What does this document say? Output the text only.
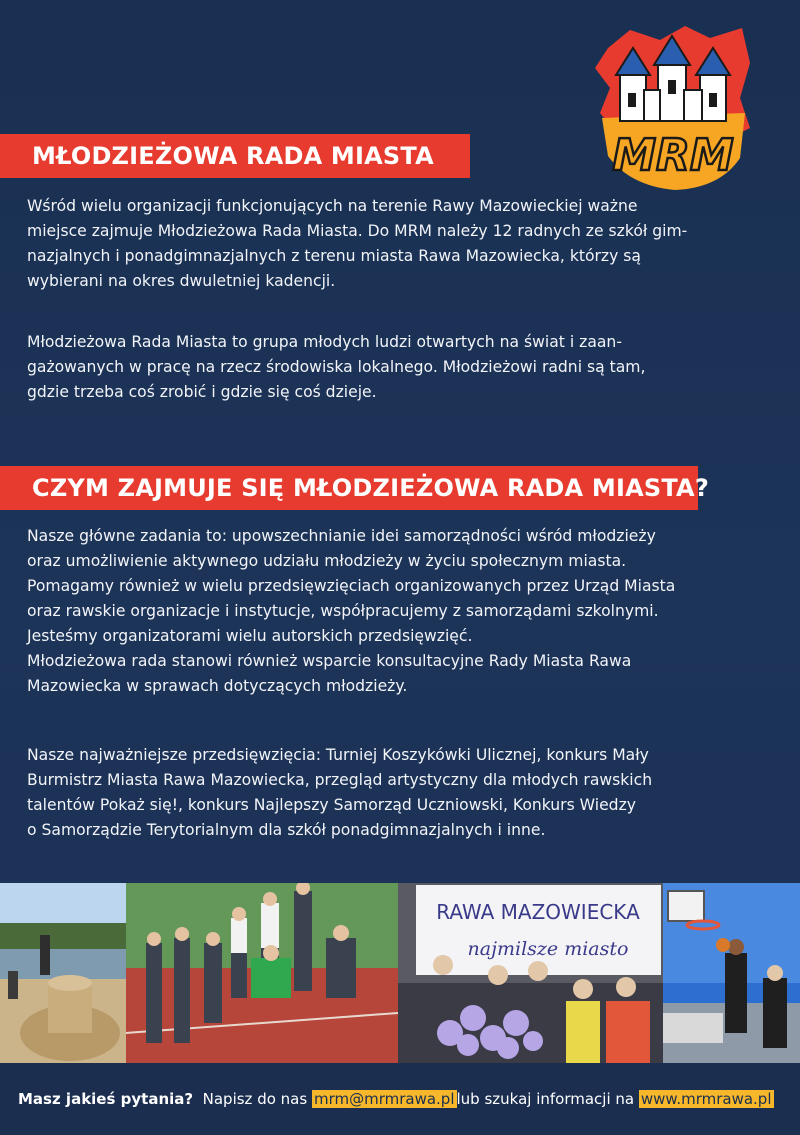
MRM
MŁODZIEŻOWA RADA MIASTA
Wśród wielu organizacji funkcjonujących na terenie Rawy Mazowieckiej ważne
miejsce zajmuje Młodzieżowa Rada Miasta. Do MRM należy 12 radnych ze szkół gim-
nazjalnych i ponadgimnazjalnych z terenu miasta Rawa Mazowiecka, którzy są
wybierani na okres dwuletniej kadencji.
Młodzieżowa Rada Miasta to grupa młodych ludzi otwartych na świat i zaan-
gażowanych w pracę na rzecz środowiska lokalnego. Młodzieżowi radni są tam,
gdzie trzeba coś zrobić i gdzie się coś dzieje.
CZYM ZAJMUJE SIĘ MŁODZIEŻOWA RADA MIASTA?
Nasze główne zadania to: upowszechnianie idei samorządności wśród młodzieży
oraz umożliwienie aktywnego udziału młodzieży w życiu społecznym miasta.
Pomagamy również w wielu przedsięwzięciach organizowanych przez Urząd Miasta
oraz rawskie organizacje i instytucje, współpracujemy z samorządami szkolnymi.
Jesteśmy organizatorami wielu autorskich przedsięwzięć.
Młodzieżowa rada stanowi również wsparcie konsultacyjne Rady Miasta Rawa
Mazowiecka w sprawach dotyczących młodzieży.
Nasze najważniejsze przedsięwzięcia: Turniej Koszykówki Ulicznej, konkurs Mały
Burmistrz Miasta Rawa Mazowiecka, przegląd artystyczny dla młodych rawskich
talentów Pokaż się!, konkurs Najlepszy Samorząd Uczniowski, Konkurs Wiedzy
o Samorządzie Terytorialnym dla szkół ponadgimnazjalnych i inne.
RAWA MAZOWIECKA
najmilsze miasto
Masz jakieś pytania? Napisz do nas mrm@mrmrawa.pl lub szukaj informacji na www.mrmrawa.pl
